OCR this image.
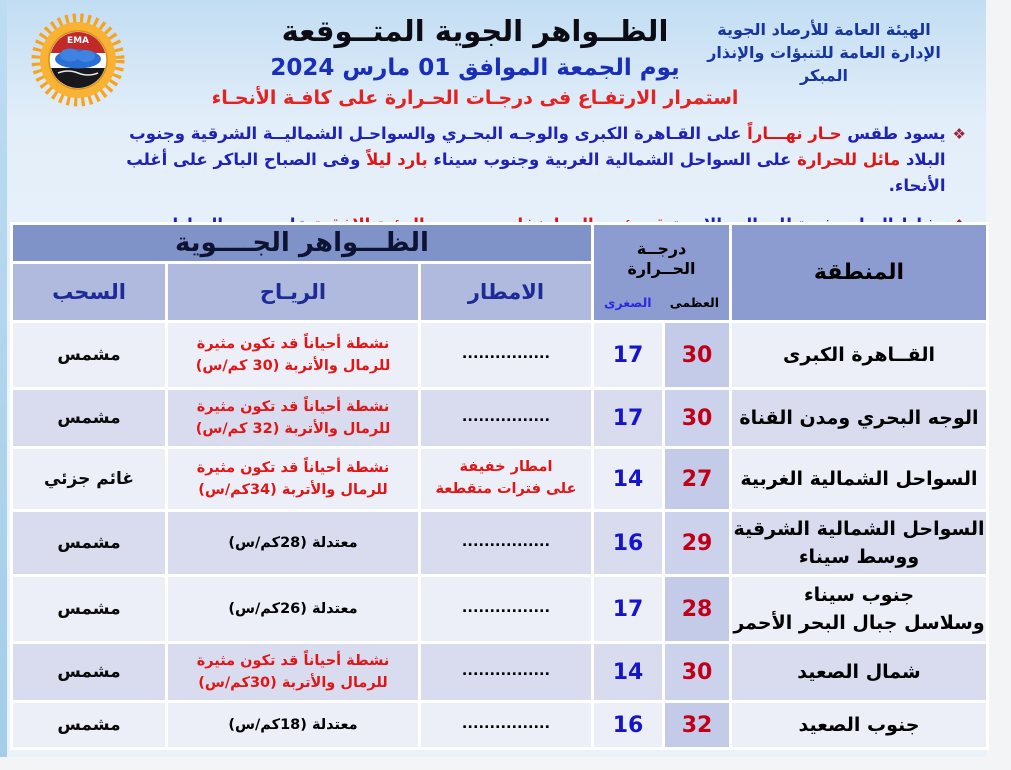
EMA
الهيئة العامة للأرصاد الجوية
الإدارة العامة للتنبؤات والإنذار المبكر
الظــواهر الجوية المتــوقعة
يوم الجمعة الموافق 01 مارس 2024
استمرار الارتفـاع فى درجـات الحـرارة على كافـة الأنحـاء
❖
يسود طقس حـار نهـــاراً على القـاهرة الكبرى والوجـه البحـري والسواحـل الشماليــة الشرقية وجنوب البلاد مائل للحرارة على السواحل الشمالية الغربية وجنوب سيناء بارد ليلاً وفى الصباح الباكر على أغلب الأنحاء.
المنطقة	درجــة
الحــرارة
العظمى
الصغرى		الظـــواهر الجــــوية		
			الامطار	الريـاح	السحب
القــاهرة الكبرى	30	17	................	نشطة أحياناً قد تكون مثيرة
للرمال والأتربة (30 كم/س)	مشمس
الوجه البحري ومدن القناة	30	17	................	نشطة أحياناً قد تكون مثيرة
للرمال والأتربة (32 كم/س)	مشمس
السواحل الشمالية الغربية	27	14	امطار خفيفة
على فترات متقطعة	نشطة أحياناً قد تكون مثيرة
للرمال والأتربة (34كم/س)	غائم جزئي
السواحل الشمالية الشرقية
ووسط سيناء	29	16	................	معتدلة (28كم/س)	مشمس
جنوب سيناء
وسلاسل جبال البحر الأحمر	28	17	................	معتدلة (26كم/س)	مشمس
شمال الصعيد	30	14	................	نشطة أحياناً قد تكون مثيرة
للرمال والأتربة (30كم/س)	مشمس
جنوب الصعيد	32	16	................	معتدلة (18كم/س)	مشمس
